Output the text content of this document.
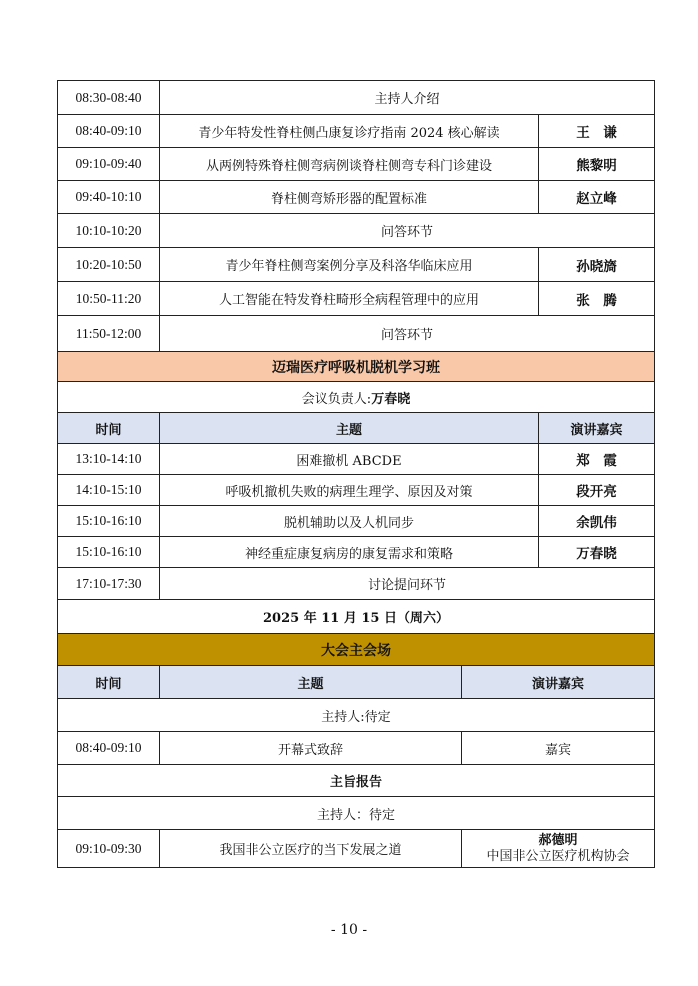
08:30-08:40	主持人介绍		
08:40-09:10	青少年特发性脊柱侧凸康复诊疗指南 2024 核心解读		王　谦
09:10-09:40	从两例特殊脊柱侧弯病例谈脊柱侧弯专科门诊建设		熊黎明
09:40-10:10	脊柱侧弯矫形器的配置标准		赵立峰
10:10-10:20	问答环节		
10:20-10:50	青少年脊柱侧弯案例分享及科洛华临床应用		孙晓旖
10:50-11:20	人工智能在特发脊柱畸形全病程管理中的应用		张　腾
11:50-12:00	问答环节		
迈瑞医疗呼吸机脱机学习班			
会议负责人:万春晓			
时间	主题		演讲嘉宾
13:10-14:10	困难撤机 ABCDE		郑　霞
14:10-15:10	呼吸机撤机失败的病理生理学、原因及对策		段开亮
15:10-16:10	脱机辅助以及人机同步		余凯伟
15:10-16:10	神经重症康复病房的康复需求和策略		万春晓
17:10-17:30	讨论提问环节		
2025 年 11 月 15 日（周六）			
大会主会场			
时间	主题	演讲嘉宾	
主持人:待定			
08:40-09:10	开幕式致辞	嘉宾	
主旨报告			
主持人：待定			
09:10-09:30	我国非公立医疗的当下发展之道	郝德明
中国非公立医疗机构协会	
- 10 -
